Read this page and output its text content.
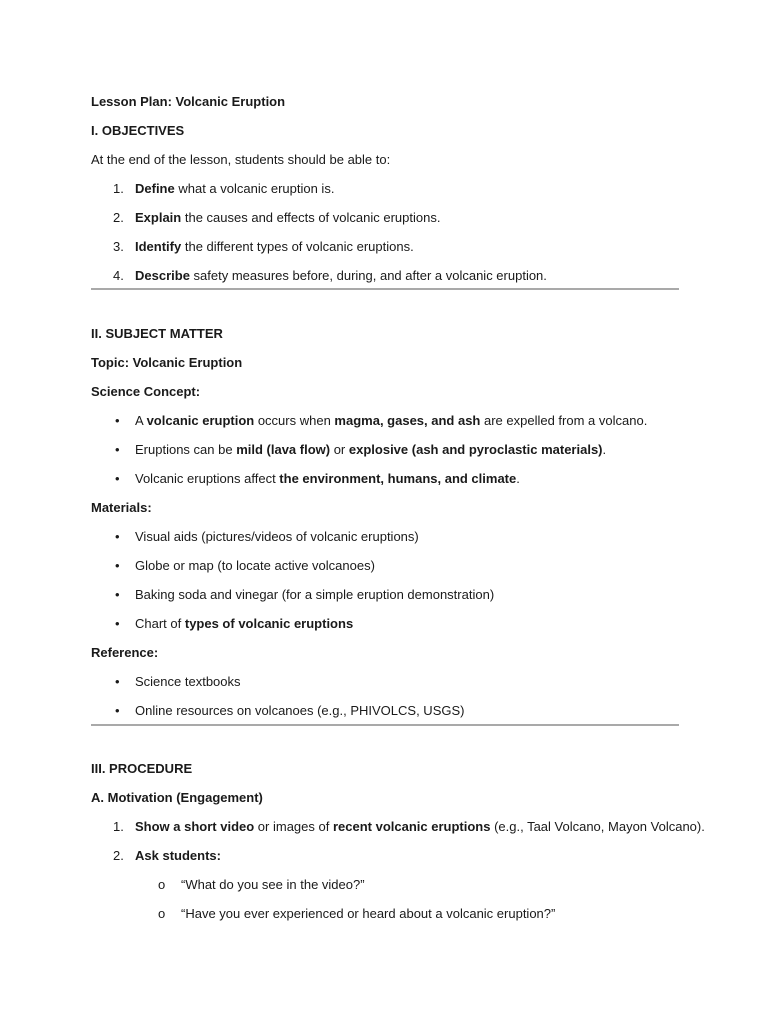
Lesson Plan: Volcanic Eruption
I. OBJECTIVES
At the end of the lesson, students should be able to:
1. Define what a volcanic eruption is.
2. Explain the causes and effects of volcanic eruptions.
3. Identify the different types of volcanic eruptions.
4. Describe safety measures before, during, and after a volcanic eruption.
II. SUBJECT MATTER
Topic: Volcanic Eruption
Science Concept:
• A volcanic eruption occurs when magma, gases, and ash are expelled from a volcano.
• Eruptions can be mild (lava flow) or explosive (ash and pyroclastic materials).
• Volcanic eruptions affect the environment, humans, and climate.
Materials:
• Visual aids (pictures/videos of volcanic eruptions)
• Globe or map (to locate active volcanoes)
• Baking soda and vinegar (for a simple eruption demonstration)
• Chart of types of volcanic eruptions
Reference:
• Science textbooks
• Online resources on volcanoes (e.g., PHIVOLCS, USGS)
III. PROCEDURE
A. Motivation (Engagement)
1. Show a short video or images of recent volcanic eruptions (e.g., Taal Volcano, Mayon Volcano).
2. Ask students:
o “What do you see in the video?”
o “Have you ever experienced or heard about a volcanic eruption?”
